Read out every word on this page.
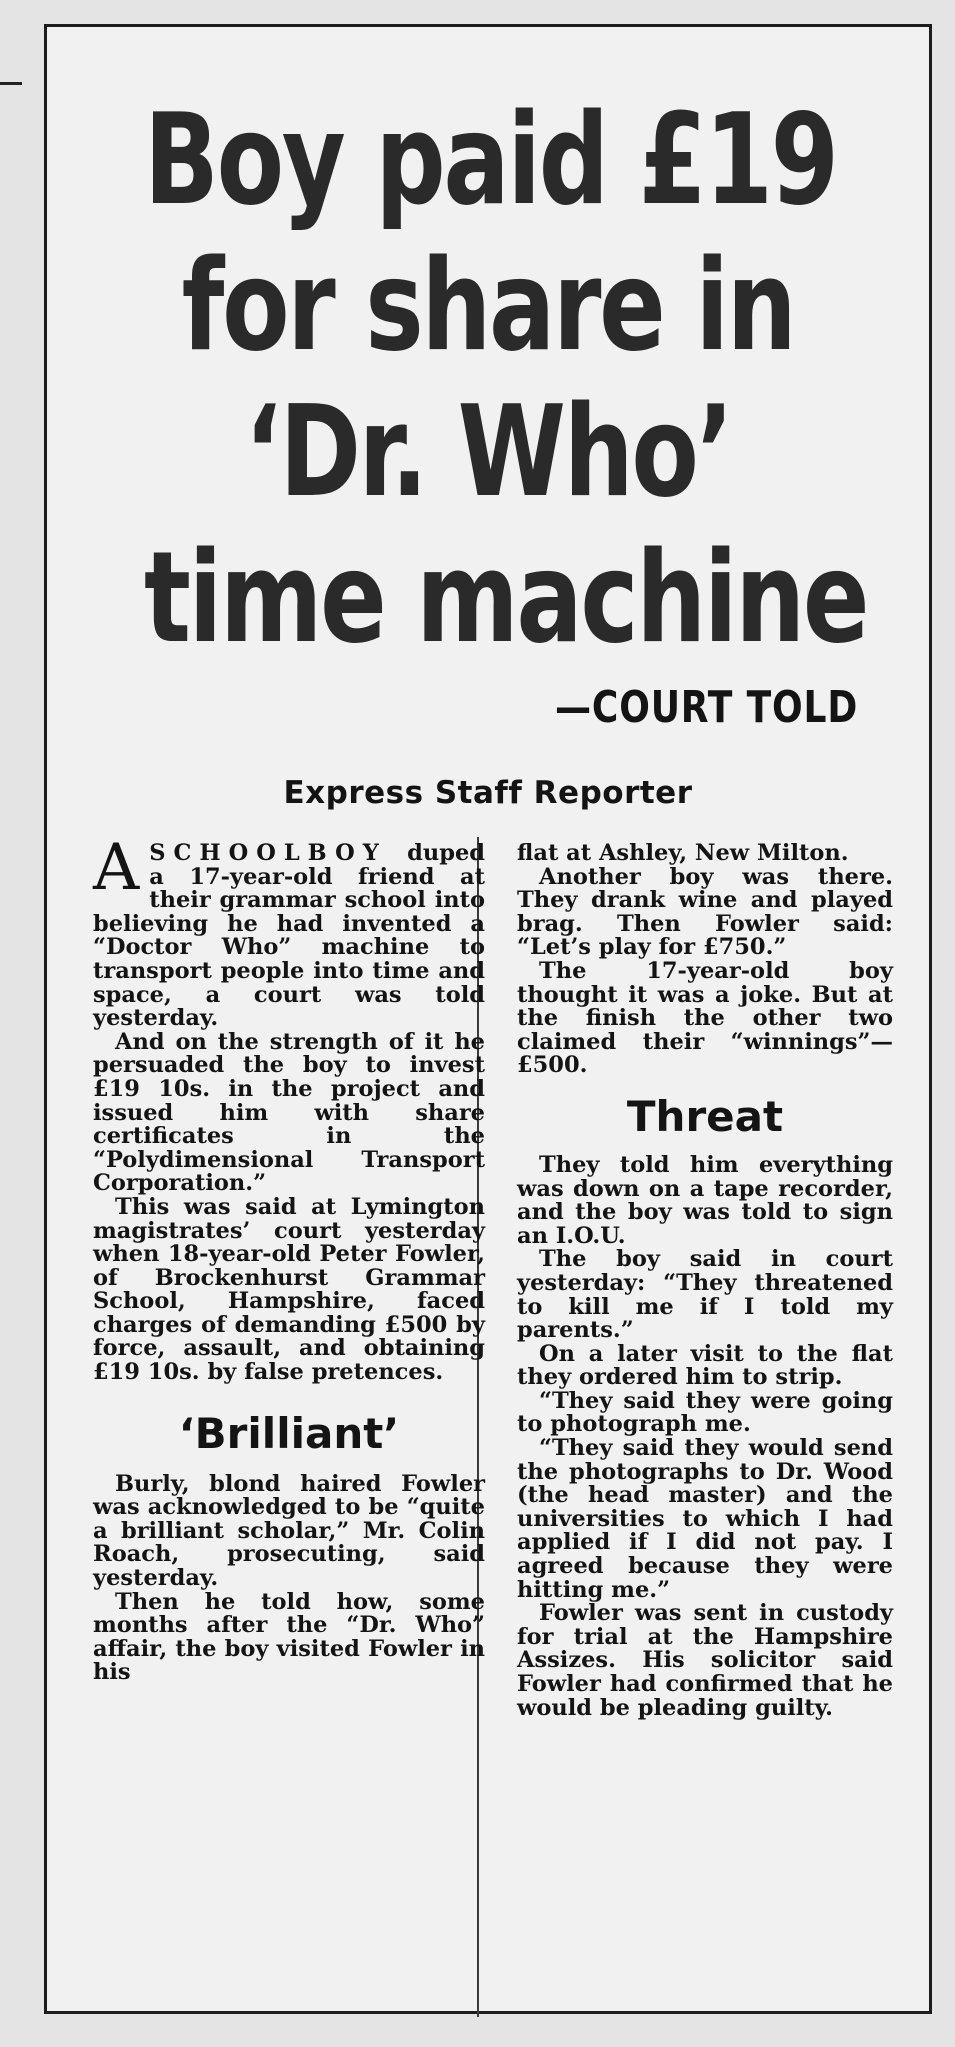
Boy paid £19
for share in
‘Dr. Who’
time machine
—COURT TOLD
Express Staff Reporter

A SCHOOLBOY duped a 17-year-old friend at their grammar school into believing he had invented a “Doctor Who” machine to transport people into time and space, a court was told yesterday.

And on the strength of it he persuaded the boy to invest £19 10s. in the project and issued him with share certificates in the “Polydimensional Transport Corporation.”

This was said at Lymington magistrates’ court yesterday when 18-year-old Peter Fowler, of Brockenhurst Grammar School, Hampshire, faced charges of demanding £500 by force, assault, and obtaining £19 10s. by false pretences.

‘Brilliant’

Burly, blond haired Fowler was acknowledged to be “quite a brilliant scholar,” Mr. Colin Roach, prosecuting, said yesterday.

Then he told how, some months after the “Dr. Who” affair, the boy visited Fowler in his

flat at Ashley, New Milton.

Another boy was there. They drank wine and played brag. Then Fowler said: “Let’s play for £750.”

The 17-year-old boy thought it was a joke. But at the finish the other two claimed their “winnings”—£500.

Threat

They told him everything was down on a tape recorder, and the boy was told to sign an I.O.U.

The boy said in court yesterday: “They threatened to kill me if I told my parents.”

On a later visit to the flat they ordered him to strip.

“They said they were going to photograph me.

“They said they would send the photographs to Dr. Wood (the head master) and the universities to which I had applied if I did not pay. I agreed because they were hitting me.”

Fowler was sent in custody for trial at the Hampshire Assizes. His solicitor said Fowler had confirmed that he would be pleading guilty.
